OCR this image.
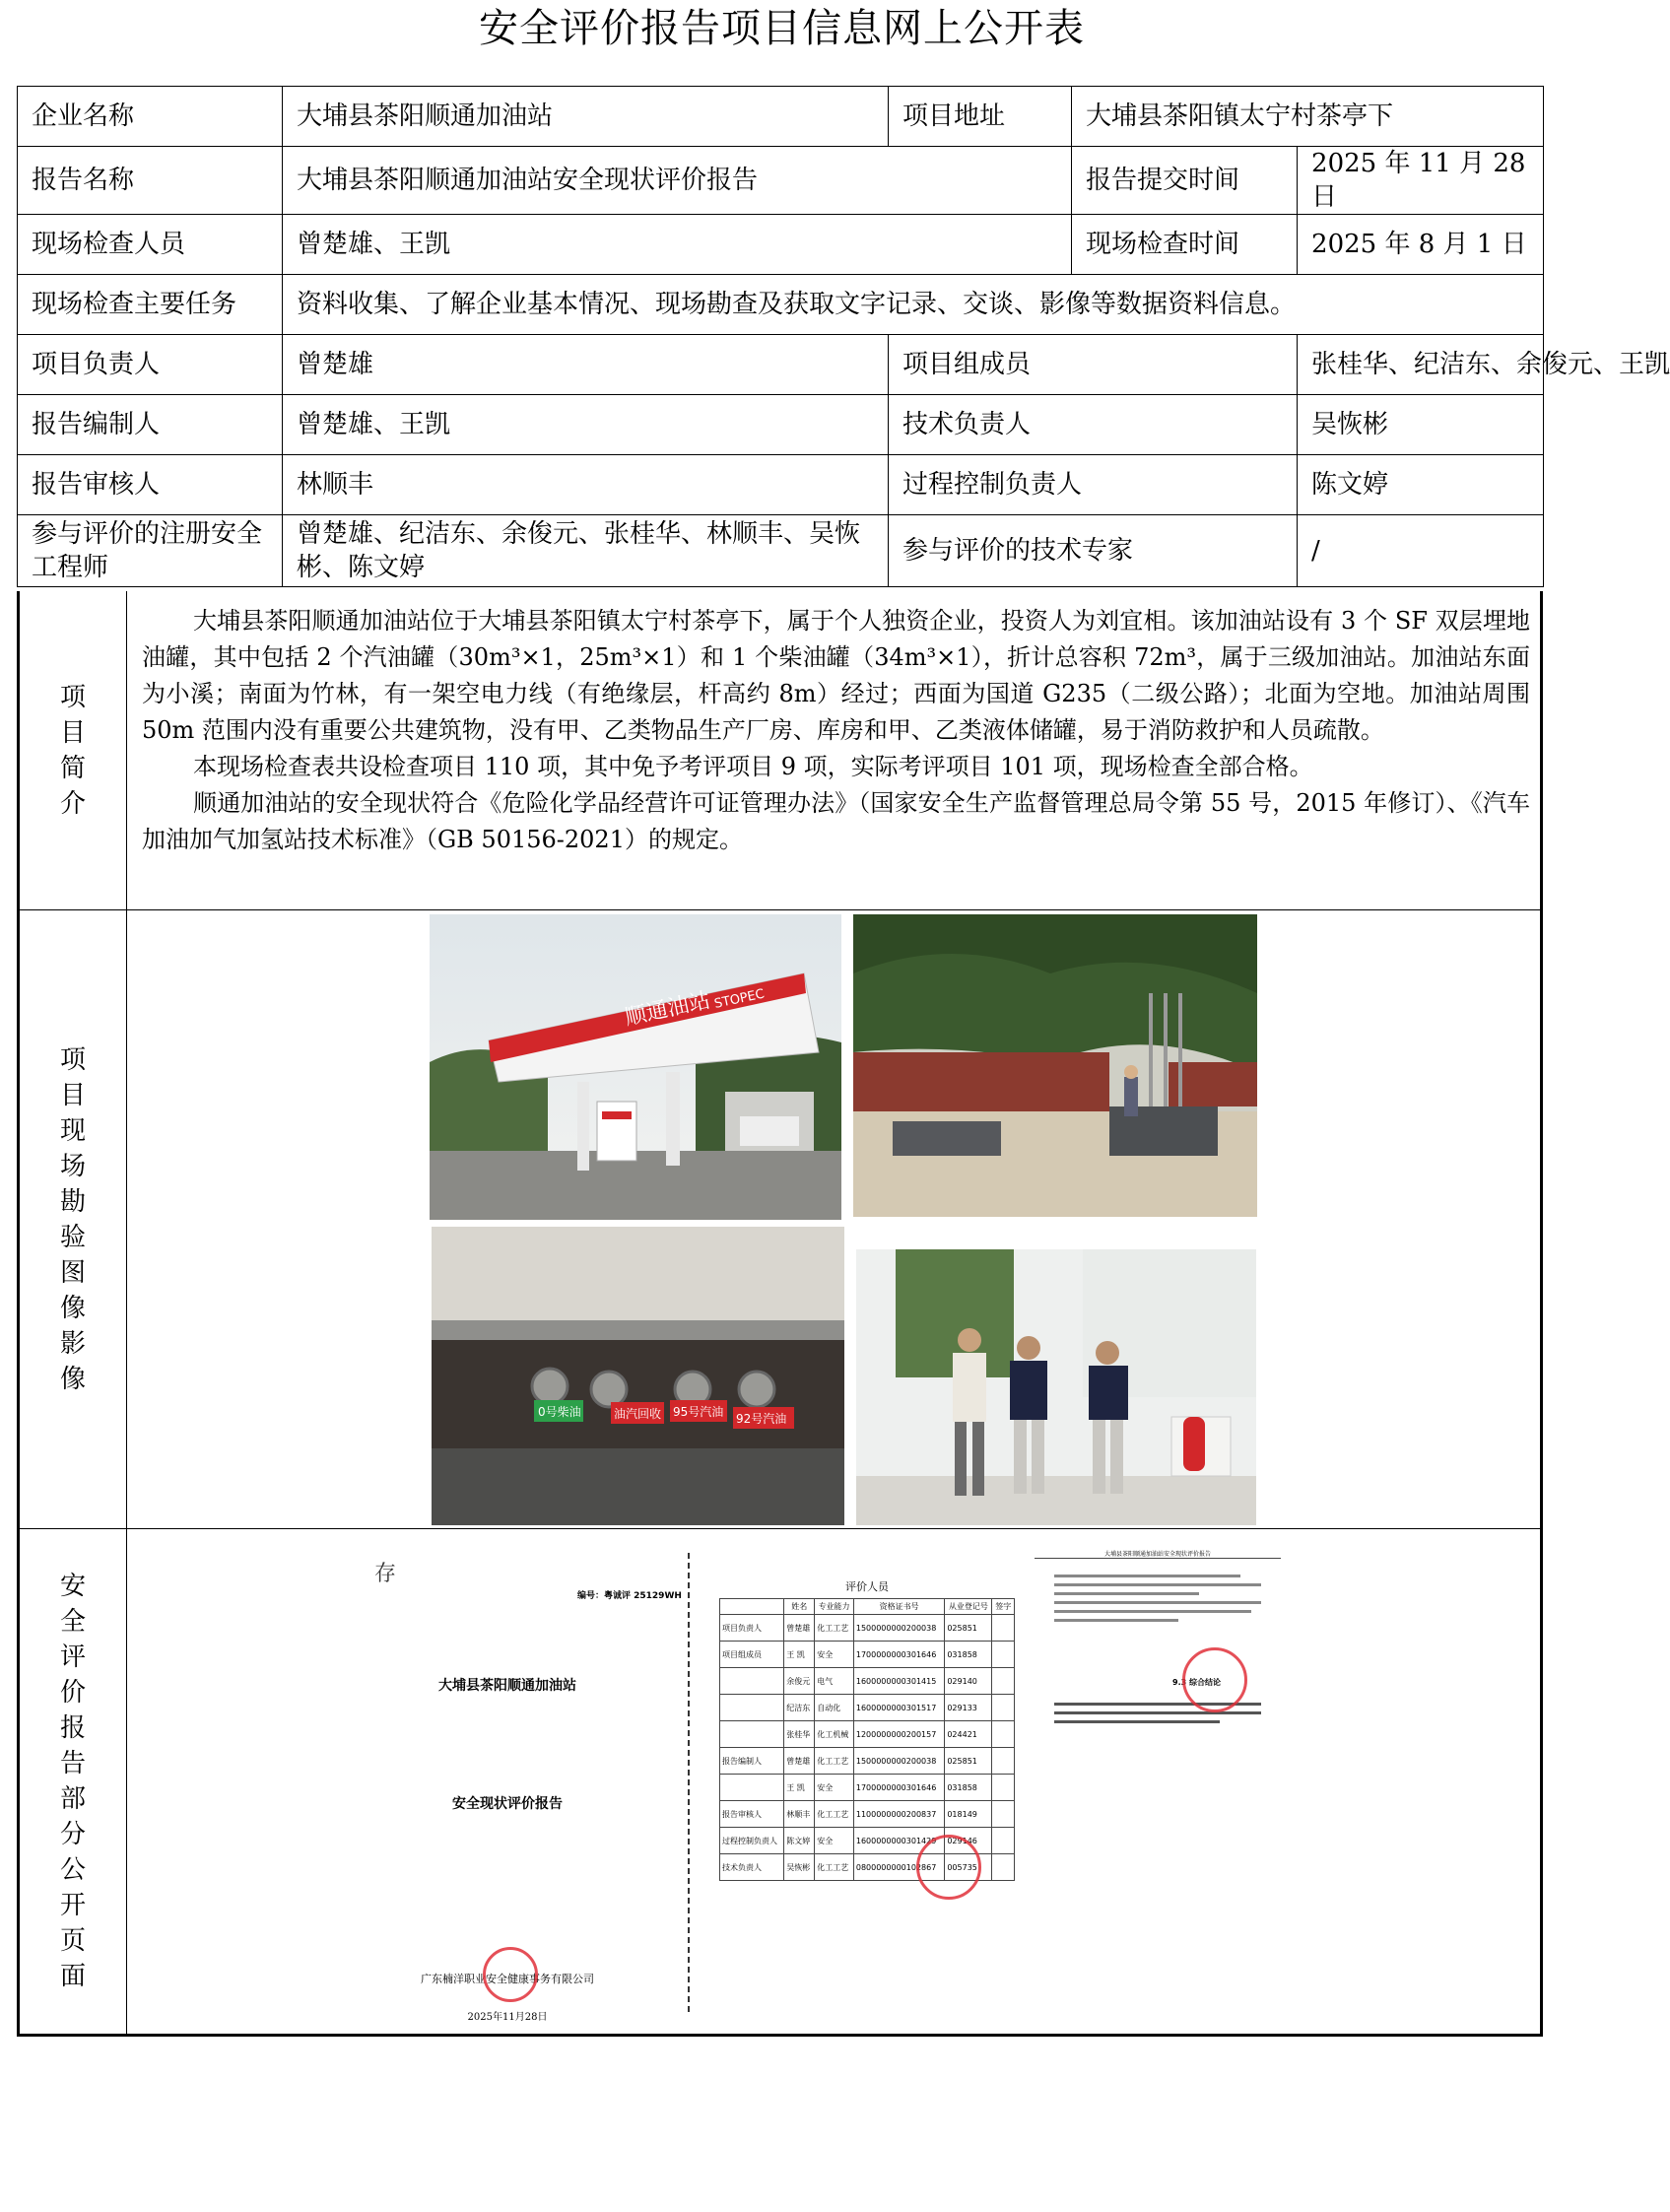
安全评价报告项目信息网上公开表
企业名称	大埔县茶阳顺通加油站	项目地址	大埔县茶阳镇太宁村茶亭下	
报告名称	大埔县茶阳顺通加油站安全现状评价报告		报告提交时间	2025 年 11 月 28 日
现场检查人员	曾楚雄、王凯		现场检查时间	2025 年 8 月 1 日
现场检查主要任务	资料收集、了解企业基本情况、现场勘查及获取文字记录、交谈、影像等数据资料信息。			
项目负责人	曾楚雄	项目组成员		张桂华、纪洁东、余俊元、王凯
报告编制人	曾楚雄、王凯	技术负责人		吴恢彬
报告审核人	林顺丰	过程控制负责人		陈文婷
参与评价的注册安全工程师	曾楚雄、纪洁东、余俊元、张桂华、林顺丰、吴恢彬、陈文婷	参与评价的技术专家		/
项目简介

大埔县茶阳顺通加油站位于大埔县茶阳镇太宁村茶亭下，属于个人独资企业，投资人为刘宜相。该加油站设有 3 个 SF 双层埋地油罐，其中包括 2 个汽油罐（30m³×1，25m³×1）和 1 个柴油罐（34m³×1），折计总容积 72m³，属于三级加油站。加油站东面为小溪；南面为竹林，有一架空电力线（有绝缘层，杆高约 8m）经过；西面为国道 G235（二级公路）；北面为空地。加油站周围 50m 范围内没有重要公共建筑物，没有甲、乙类物品生产厂房、库房和甲、乙类液体储罐，易于消防救护和人员疏散。

本现场检查表共设检查项目 110 项，其中免予考评项目 9 项，实际考评项目 101 项，现场检查全部合格。

顺通加油站的安全现状符合《危险化学品经营许可证管理办法》（国家安全生产监督管理总局令第 55 号，2015 年修订）、《汽车加油加气加氢站技术标准》（GB 50156-2021）的规定。

项目现场勘验图像影像
顺通油站 STOPEC
0号柴油	油汽回收 95号汽油 92号汽油
安全评价报告部分公开页面
存
编号：粤诚评 25129WH
大埔县茶阳顺通加油站
安全现状评价报告
广东楠洋职业安全健康事务有限公司
2025年11月28日
评价人员
	姓名	专业能力	资格证书号	从业登记号	签字
项目负责人	曾楚雄	化工工艺	1500000000200038	025851	
项目组成员	王 凯	安全	1700000000301646	031858	
	余俊元	电气	1600000000301415	029140	
	纪洁东	自动化	1600000000301517	029133	
	张桂华	化工机械	1200000000200157	024421	
报告编制人	曾楚雄	化工工艺	1500000000200038	025851	
	王 凯	安全	1700000000301646	031858	
报告审核人	林顺丰	化工工艺	1100000000200837	018149	
过程控制负责人	陈文婷	安全	1600000000301429	029146	
技术负责人	吴恢彬	化工工艺	0800000000102867	005735	
大埔县茶阳顺通加油站安全现状评价报告
9.3 综合结论
